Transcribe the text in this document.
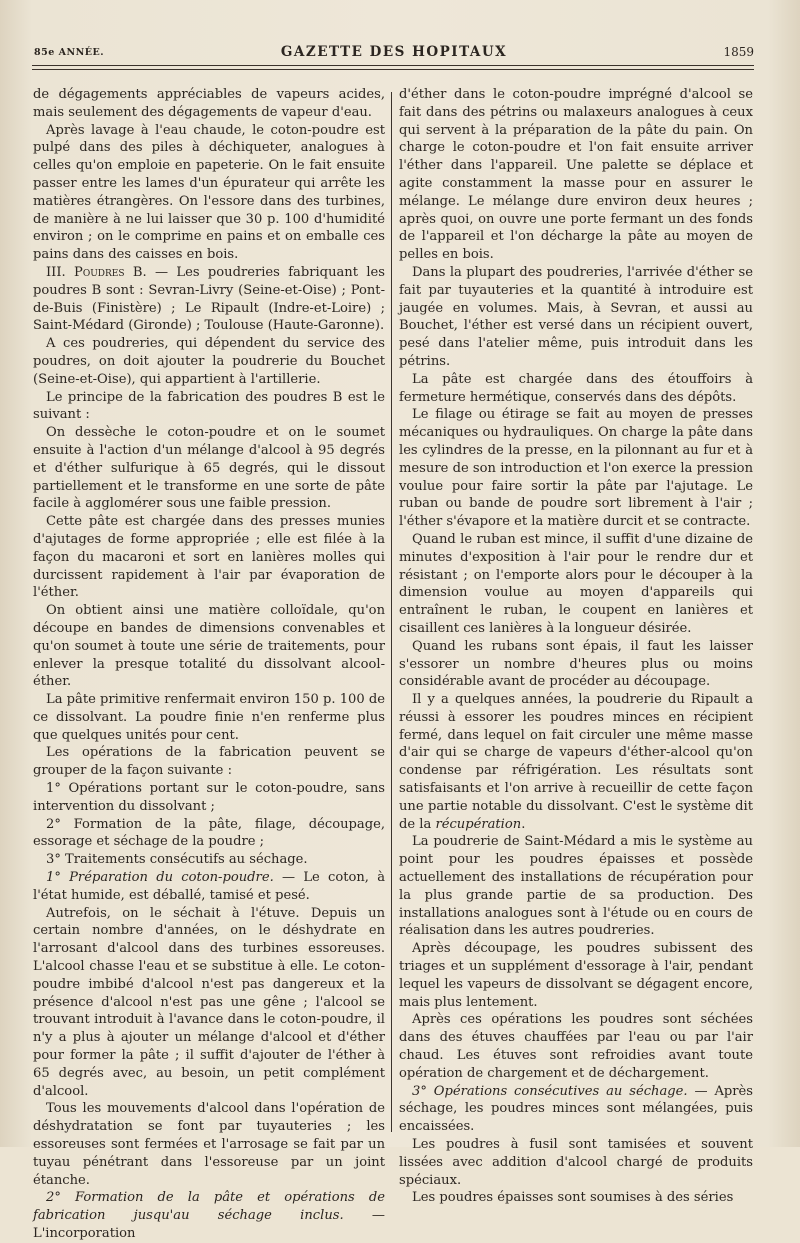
85e ANNÉE.	GAZETTE DES HOPITAUX	1859

de dégagements appréciables de vapeurs acides, mais seulement des dégagements de vapeur d'eau.

Après lavage à l'eau chaude, le coton-poudre est pulpé dans des piles à déchiqueter, analogues à celles qu'on emploie en papeterie. On le fait ensuite passer entre les lames d'un épurateur qui arrête les matières étrangères. On l'essore dans des turbines, de manière à ne lui laisser que 30 p. 100 d'humidité environ ; on le comprime en pains et on emballe ces pains dans des caisses en bois.

III. Poudres B. — Les poudreries fabriquant les poudres B sont : Sevran-Livry (Seine-et-Oise) ; Pont-de-Buis (Finistère) ; Le Ripault (Indre-et-Loire) ; Saint-Médard (Gironde) ; Toulouse (Haute-Garonne).

A ces poudreries, qui dépendent du service des poudres, on doit ajouter la poudrerie du Bouchet (Seine-et-Oise), qui appartient à l'artillerie.

Le principe de la fabrication des poudres B est le suivant :

On dessèche le coton-poudre et on le soumet ensuite à l'action d'un mélange d'alcool à 95 degrés et d'éther sulfurique à 65 degrés, qui le dissout partiellement et le transforme en une sorte de pâte facile à agglomérer sous une faible pression.

Cette pâte est chargée dans des presses munies d'ajutages de forme appropriée ; elle est filée à la façon du macaroni et sort en lanières molles qui durcissent rapidement à l'air par évaporation de l'éther.

On obtient ainsi une matière colloïdale, qu'on découpe en bandes de dimensions convenables et qu'on soumet à toute une série de traitements, pour enlever la presque totalité du dissolvant alcool-éther.

La pâte primitive renfermait environ 150 p. 100 de ce dissolvant. La poudre finie n'en renferme plus que quelques unités pour cent.

Les opérations de la fabrication peuvent se grouper de la façon suivante :

1° Opérations portant sur le coton-poudre, sans intervention du dissolvant ;

2° Formation de la pâte, filage, découpage, essorage et séchage de la poudre ;

3° Traitements consécutifs au séchage.

1° Préparation du coton-poudre. — Le coton, à l'état humide, est déballé, tamisé et pesé.

Autrefois, on le séchait à l'étuve. Depuis un certain nombre d'années, on le déshydrate en l'arrosant d'alcool dans des turbines essoreuses. L'alcool chasse l'eau et se substitue à elle. Le coton-poudre imbibé d'alcool n'est pas dangereux et la présence d'alcool n'est pas une gêne ; l'alcool se trouvant introduit à l'avance dans le coton-poudre, il n'y a plus à ajouter un mélange d'alcool et d'éther pour former la pâte ; il suffit d'ajouter de l'éther à 65 degrés avec, au besoin, un petit complément d'alcool.

Tous les mouvements d'alcool dans l'opération de déshydratation se font par tuyauteries ; les essoreuses sont fermées et l'arrosage se fait par un tuyau pénétrant dans l'essoreuse par un joint étanche.

2° Formation de la pâte et opérations de fabrication jusqu'au séchage inclus. — L'incorporation

d'éther dans le coton-poudre imprégné d'alcool se fait dans des pétrins ou malaxeurs analogues à ceux qui servent à la préparation de la pâte du pain. On charge le coton-poudre et l'on fait ensuite arriver l'éther dans l'appareil. Une palette se déplace et agite constamment la masse pour en assurer le mélange. Le mélange dure environ deux heures ; après quoi, on ouvre une porte fermant un des fonds de l'appareil et l'on décharge la pâte au moyen de pelles en bois.

Dans la plupart des poudreries, l'arrivée d'éther se fait par tuyauteries et la quantité à introduire est jaugée en volumes. Mais, à Sevran, et aussi au Bouchet, l'éther est versé dans un récipient ouvert, pesé dans l'atelier même, puis introduit dans les pétrins.

La pâte est chargée dans des étouffoirs à fermeture hermétique, conservés dans des dépôts.

Le filage ou étirage se fait au moyen de presses mécaniques ou hydrauliques. On charge la pâte dans les cylindres de la presse, en la pilonnant au fur et à mesure de son introduction et l'on exerce la pression voulue pour faire sortir la pâte par l'ajutage. Le ruban ou bande de poudre sort librement à l'air ; l'éther s'évapore et la matière durcit et se contracte.

Quand le ruban est mince, il suffit d'une dizaine de minutes d'exposition à l'air pour le rendre dur et résistant ; on l'emporte alors pour le découper à la dimension voulue au moyen d'appareils qui entraînent le ruban, le coupent en lanières et cisaillent ces lanières à la longueur désirée.

Quand les rubans sont épais, il faut les laisser s'essorer un nombre d'heures plus ou moins considérable avant de procéder au découpage.

Il y a quelques années, la poudrerie du Ripault a réussi à essorer les poudres minces en récipient fermé, dans lequel on fait circuler une même masse d'air qui se charge de vapeurs d'éther-alcool qu'on condense par réfrigération. Les résultats sont satisfaisants et l'on arrive à recueillir de cette façon une partie notable du dissolvant. C'est le système dit de la récupération.

La poudrerie de Saint-Médard a mis le système au point pour les poudres épaisses et possède actuellement des installations de récupération pour la plus grande partie de sa production. Des installations analogues sont à l'étude ou en cours de réalisation dans les autres poudreries.

Après découpage, les poudres subissent des triages et un supplément d'essorage à l'air, pendant lequel les vapeurs de dissolvant se dégagent encore, mais plus lentement.

Après ces opérations les poudres sont séchées dans des étuves chauffées par l'eau ou par l'air chaud. Les étuves sont refroidies avant toute opération de chargement et de déchargement.

3° Opérations consécutives au séchage. — Après séchage, les poudres minces sont mélangées, puis encaissées.

Les poudres à fusil sont tamisées et souvent lissées avec addition d'alcool chargé de produits spéciaux.

Les poudres épaisses sont soumises à des séries
